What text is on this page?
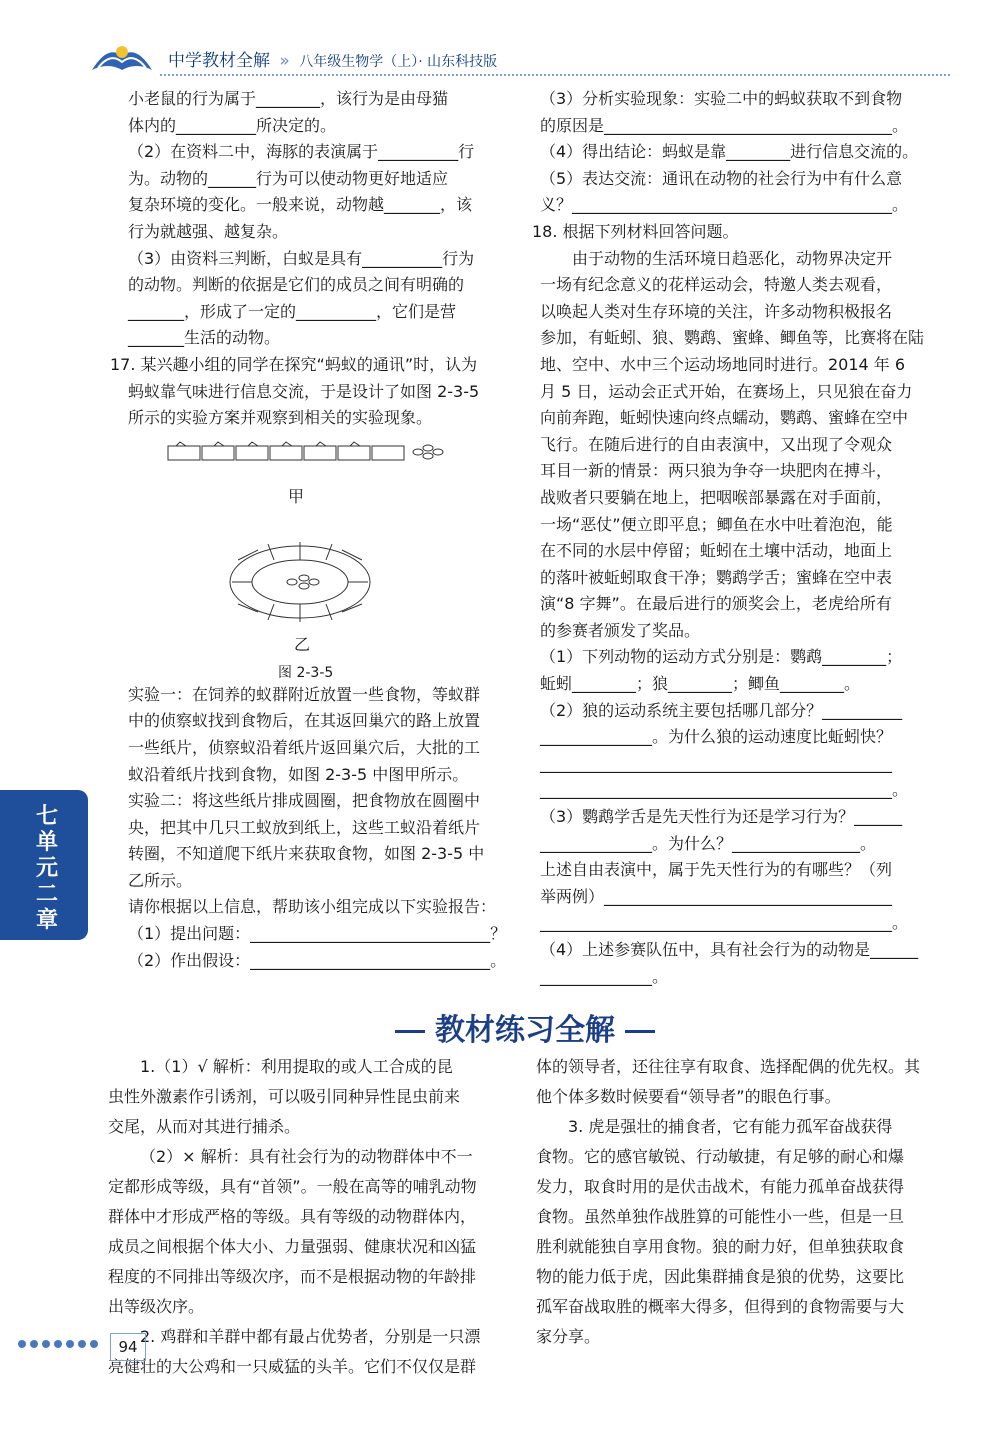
中学教材全解 » 八年级生物学（上）· 山东科技版

小老鼠的行为属于________，该行为是由母猫

体内的__________所决定的。

（2）在资料二中，海豚的表演属于__________行

为。动物的______行为可以使动物更好地适应

复杂环境的变化。一般来说，动物越_______，该

行为就越强、越复杂。

（3）由资料三判断，白蚁是具有__________行为

的动物。判断的依据是它们的成员之间有明确的

_______，形成了一定的__________，它们是营

_______生活的动物。

17. 某兴趣小组的同学在探究“蚂蚁的通讯”时，认为

蚂蚁靠气味进行信息交流，于是设计了如图 2-3-5

所示的实验方案并观察到相关的实验现象。

甲
乙
图 2-3-5

实验一：在饲养的蚁群附近放置一些食物，等蚁群

中的侦察蚁找到食物后，在其返回巢穴的路上放置

一些纸片，侦察蚁沿着纸片返回巢穴后，大批的工

蚁沿着纸片找到食物，如图 2-3-5 中图甲所示。

实验二：将这些纸片排成圆圈，把食物放在圆圈中

央，把其中几只工蚁放到纸上，这些工蚁沿着纸片

转圈，不知道爬下纸片来获取食物，如图 2-3-5 中

乙所示。

请你根据以上信息，帮助该小组完成以下实验报告：

（1）提出问题：______________________________？

（2）作出假设：______________________________。

（3）分析实验现象：实验二中的蚂蚁获取不到食物

的原因是____________________________________。

（4）得出结论：蚂蚁是靠________进行信息交流的。

（5）表达交流：通讯在动物的社会行为中有什么意

义？________________________________________。

18. 根据下列材料回答问题。

由于动物的生活环境日趋恶化，动物界决定开

一场有纪念意义的花样运动会，特邀人类去观看，

以唤起人类对生存环境的关注，许多动物积极报名

参加，有蚯蚓、狼、鹦鹉、蜜蜂、鲫鱼等，比赛将在陆

地、空中、水中三个运动场地同时进行。2014 年 6

月 5 日，运动会正式开始，在赛场上，只见狼在奋力

向前奔跑，蚯蚓快速向终点蠕动，鹦鹉、蜜蜂在空中

飞行。在随后进行的自由表演中，又出现了令观众

耳目一新的情景：两只狼为争夺一块肥肉在搏斗，

战败者只要躺在地上，把咽喉部暴露在对手面前，

一场“恶仗”便立即平息；鲫鱼在水中吐着泡泡，能

在不同的水层中停留；蚯蚓在土壤中活动，地面上

的落叶被蚯蚓取食干净；鹦鹉学舌；蜜蜂在空中表

演“8 字舞”。在最后进行的颁奖会上，老虎给所有

的参赛者颁发了奖品。

（1）下列动物的运动方式分别是：鹦鹉________；

蚯蚓________；狼________；鲫鱼________。

（2）狼的运动系统主要包括哪几部分？__________

______________。为什么狼的运动速度比蚯蚓快？

____________________________________________

____________________________________________。

（3）鹦鹉学舌是先天性行为还是学习行为？______

______________。为什么？________________。

上述自由表演中，属于先天性行为的有哪些？（列

举两例）____________________________________

____________________________________________。

（4）上述参赛队伍中，具有社会行为的动物是______

______________。

七单元二章
教材练习全解

1.（1）√ 解析：利用提取的或人工合成的昆

虫性外激素作引诱剂，可以吸引同种异性昆虫前来

交尾，从而对其进行捕杀。

（2）× 解析：具有社会行为的动物群体中不一

定都形成等级，具有“首领”。一般在高等的哺乳动物

群体中才形成严格的等级。具有等级的动物群体内，

成员之间根据个体大小、力量强弱、健康状况和凶猛

程度的不同排出等级次序，而不是根据动物的年龄排

出等级次序。

2. 鸡群和羊群中都有最占优势者，分别是一只漂

亮健壮的大公鸡和一只威猛的头羊。它们不仅仅是群

体的领导者，还往往享有取食、选择配偶的优先权。其

他个体多数时候要看“领导者”的眼色行事。

3. 虎是强壮的捕食者，它有能力孤军奋战获得

食物。它的感官敏锐、行动敏捷，有足够的耐心和爆

发力，取食时用的是伏击战术，有能力孤单奋战获得

食物。虽然单独作战胜算的可能性小一些，但是一旦

胜利就能独自享用食物。狼的耐力好，但单独获取食

物的能力低于虎，因此集群捕食是狼的优势，这要比

孤军奋战取胜的概率大得多，但得到的食物需要与大

家分享。

94
